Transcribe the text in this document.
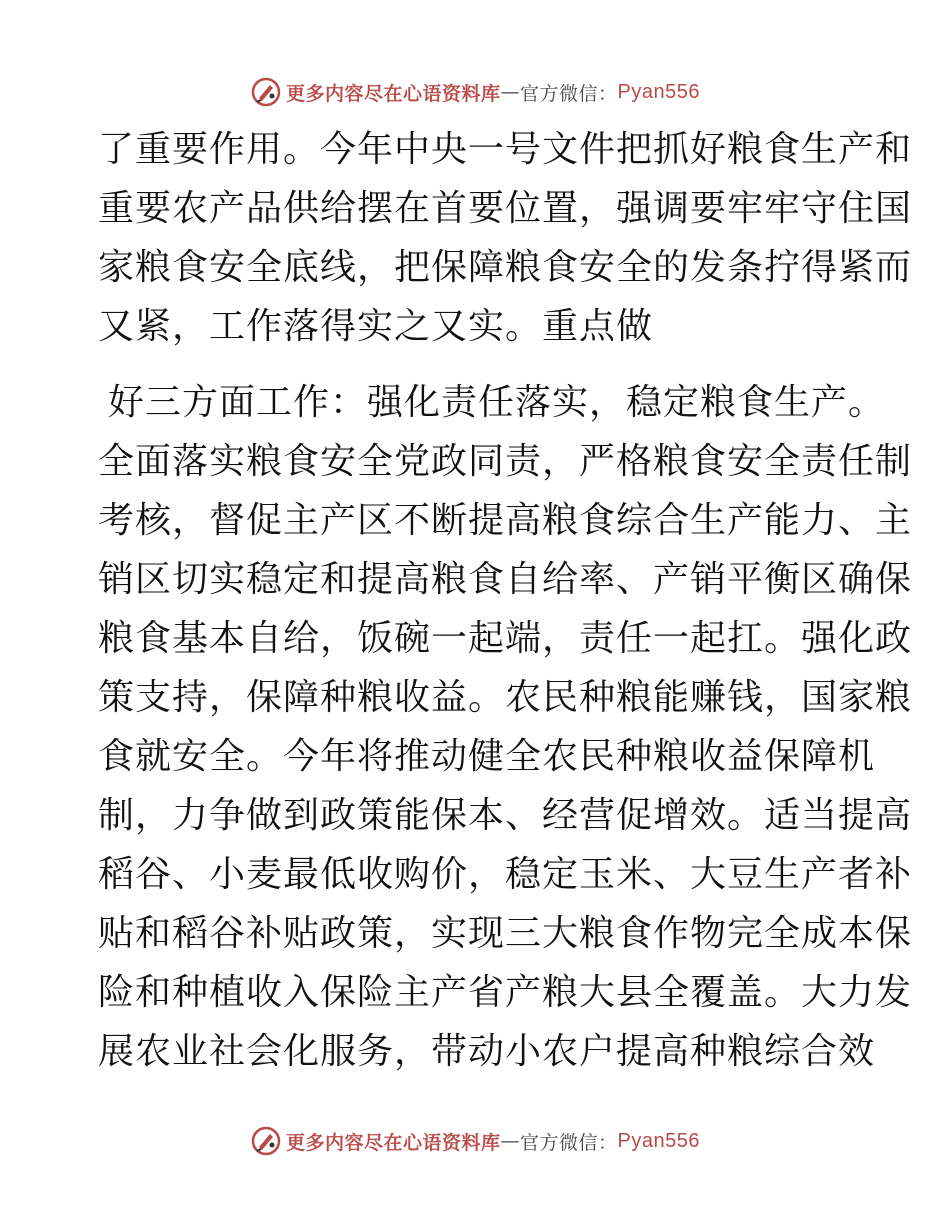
更多内容尽在心语资料库 — 官方微信： Pyan556
了重要作用。今年中央一号文件把抓好粮食生产和
重要农产品供给摆在首要位置，强调要牢牢守住国
家粮食安全底线，把保障粮食安全的发条拧得紧而
又紧，工作落得实之又实。重点做
好三方面工作：强化责任落实，稳定粮食生产。
全面落实粮食安全党政同责，严格粮食安全责任制
考核，督促主产区不断提高粮食综合生产能力、主
销区切实稳定和提高粮食自给率、产销平衡区确保
粮食基本自给，饭碗一起端，责任一起扛。强化政
策支持，保障种粮收益。农民种粮能赚钱，国家粮
食就安全。今年将推动健全农民种粮收益保障机
制，力争做到政策能保本、经营促增效。适当提高
稻谷、小麦最低收购价，稳定玉米、大豆生产者补
贴和稻谷补贴政策，实现三大粮食作物完全成本保
险和种植收入保险主产省产粮大县全覆盖。大力发
展农业社会化服务，带动小农户提高种粮综合效
更多内容尽在心语资料库 — 官方微信： Pyan556
